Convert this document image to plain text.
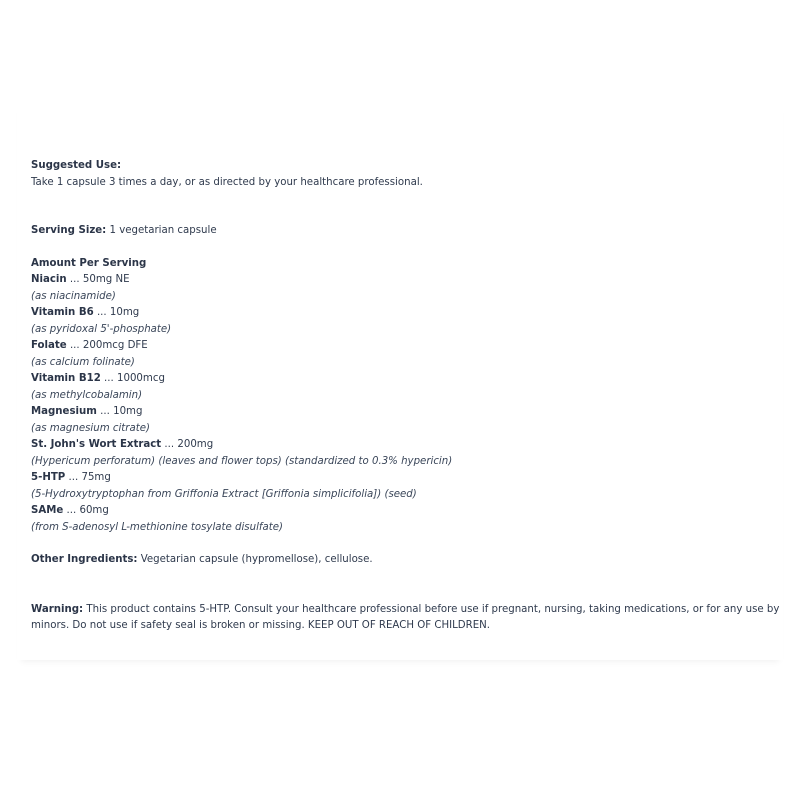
Suggested Use:
Take 1 capsule 3 times a day, or as directed by your healthcare professional.
Serving Size: 1 vegetarian capsule
Amount Per Serving
Niacin ... 50mg NE
(as niacinamide)
Vitamin B6 ... 10mg
(as pyridoxal 5'-phosphate)
Folate ... 200mcg DFE
(as calcium folinate)
Vitamin B12 ... 1000mcg
(as methylcobalamin)
Magnesium ... 10mg
(as magnesium citrate)
St. John's Wort Extract ... 200mg
(Hypericum perforatum) (leaves and flower tops) (standardized to 0.3% hypericin)
5-HTP ... 75mg
(5-Hydroxytryptophan from Griffonia Extract [Griffonia simplicifolia]) (seed)
SAMe ... 60mg
(from S-adenosyl L-methionine tosylate disulfate)
Other Ingredients: Vegetarian capsule (hypromellose), cellulose.
Warning: This product contains 5-HTP. Consult your healthcare professional before use if pregnant, nursing, taking medications, or for any use by minors. Do not use if safety seal is broken or missing. KEEP OUT OF REACH OF CHILDREN.
